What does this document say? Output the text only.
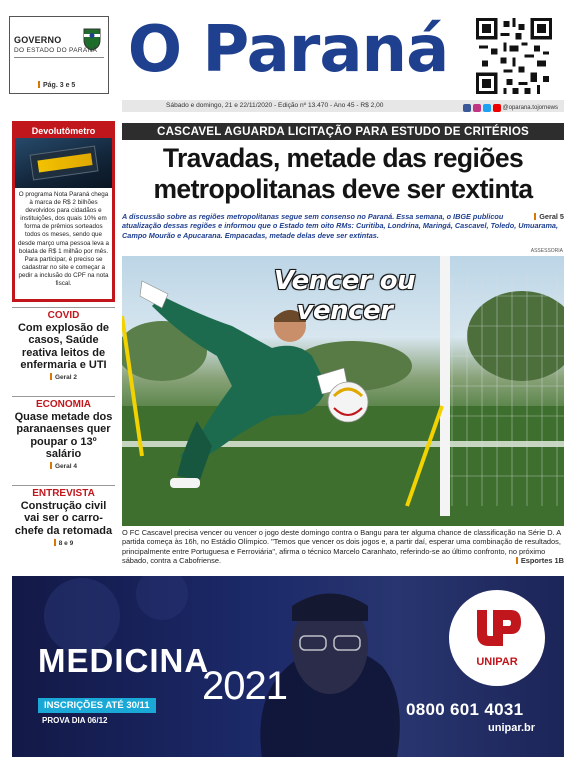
GOVERNO
DO ESTADO DO PARANÁ
Pág. 3 e 5 O Paraná
Sábado e domingo, 21 e 22/11/2020 - Edição nº 13.470 - Ano 45 - R$ 2,00	@oparana.tojornews
Devolutômetro
O programa Nota Paraná chega à marca de R$ 2 bilhões devolvidos para cidadãos e instituições, dos quais 10% em forma de prêmios sorteados todos os meses, sendo que desde março uma pessoa leva a bolada de R$ 1 milhão por mês. Para participar, é preciso se cadastrar no site e começar a pedir a inclusão do CPF na nota fiscal.
COVID
Com explosão de casos, Saúde reativa leitos de enfermaria e UTI
Geral 2
ECONOMIA
Quase metade dos paranaenses quer poupar o 13º salário
Geral 4
ENTREVISTA
Construção civil vai ser o carro-chefe da retomada
8 e 9
CASCAVEL AGUARDA LICITAÇÃO PARA ESTUDO DE CRITÉRIOS
Travadas, metade das regiões metropolitanas deve ser extinta
Geral 5
A discussão sobre as regiões metropolitanas segue sem consenso no Paraná. Essa semana, o IBGE publicou atualização dessas regiões e informou que o Estado tem oito RMs: Curitiba, Londrina, Maringá, Cascavel, Toledo, Umuarama, Campo Mourão e Apucarana. Empacadas, metade delas deve ser extintas.
ASSESSORIA
Vencer ou vencer
O FC Cascavel precisa vencer ou vencer o jogo deste domingo contra o Bangu para ter alguma chance de classificação na Série D. A partida começa às 16h, no Estádio Olímpico. "Temos que vencer os dois jogos e, a partir daí, esperar uma combinação de resultados, principalmente entre Portuguesa e Ferroviária", afirma o técnico Marcelo Caranhato, referindo-se ao último confronto, no próximo sábado, contra a Cabofriense.	Esportes 1B
MEDICINA
2021
INSCRIÇÕES ATÉ 30/11
PROVA DIA 06/12
UNIPAR
0800 601 4031
unipar.br
